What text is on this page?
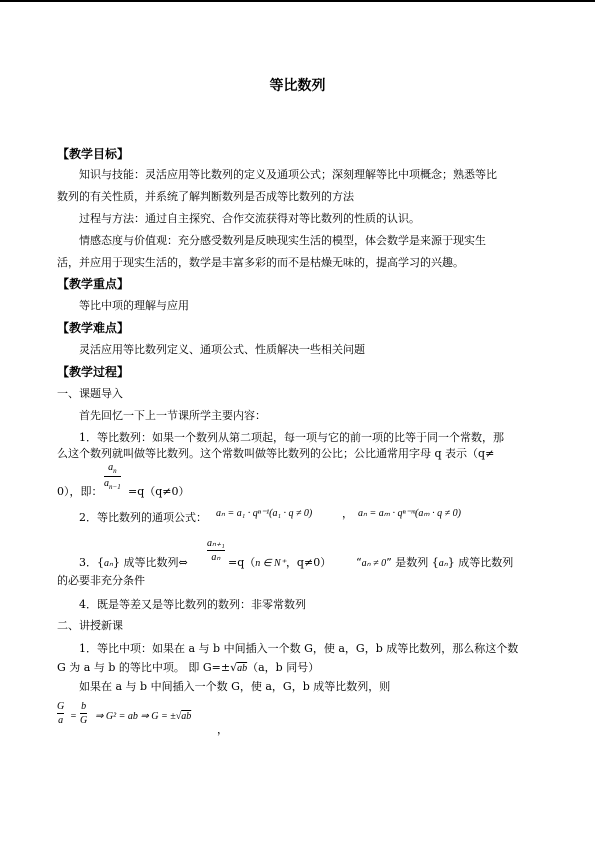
等比数列
【教学目标】
知识与技能：灵活应用等比数列的定义及通项公式；深刻理解等比中项概念；熟悉等比
数列的有关性质，并系统了解判断数列是否成等比数列的方法
过程与方法：通过自主探究、合作交流获得对等比数列的性质的认识。
情感态度与价值观：充分感受数列是反映现实生活的模型，体会数学是来源于现实生
活，并应用于现实生活的，数学是丰富多彩的而不是枯燥无味的，提高学习的兴趣。
【教学重点】
等比中项的理解与应用
【教学难点】
灵活应用等比数列定义、通项公式、性质解决一些相关问题
【教学过程】
一、课题导入
首先回忆一下上一节课所学主要内容：
1．等比数列：如果一个数列从第二项起，每一项与它的前一项的比等于同一个常数，那
么这个数列就叫做等比数列。这个常数叫做等比数列的公比；公比通常用字母 q 表示（q≠
$a_n$
$a_{n-1}$
0），即： =q（q≠0）
2．等比数列的通项公式： aₙ = a₁ · qⁿ⁻¹(a₁ · q ≠ 0)	， aₙ = aₘ · qⁿ⁻ᵐ(aₘ · q ≠ 0)
3．{aₙ} 成等比数列⇔
aₙ₊₁
aₙ =q（n ∈ N⁺，q≠0） “aₙ ≠ 0” 是数列 {aₙ} 成等比数列
的必要非充分条件
4．既是等差又是等比数列的数列：非零常数列
二、讲授新课
1．等比中项：如果在 a 与 b 中间插入一个数 G，使 a，G，b 成等比数列，那么称这个数
G 为 a 与 b 的等比中项。 即 G=±√ab（a，b 同号）
如果在 a 与 b 中间插入一个数 G，使 a，G，b 成等比数列，则
G
a =
b
G ⇒ G² = ab ⇒ G = ±√ab
，
